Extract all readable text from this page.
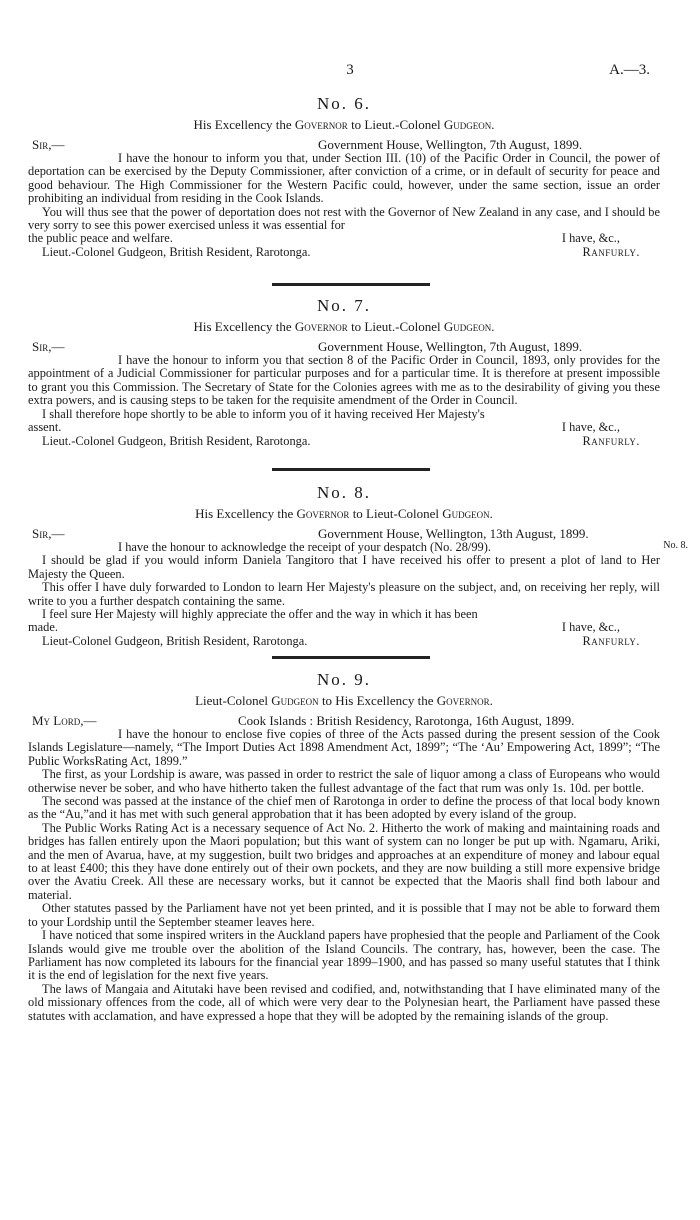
3	A.—3.
No. 6.
His Excellency the Governor to Lieut.-Colonel Gudgeon.
Sir,—	Government House, Wellington, 7th August, 1899.

I have the honour to inform you that, under Section III. (10) of the Pacific Order in Council, the power of deportation can be exercised by the Deputy Commissioner, after conviction of a crime, or in default of security for peace and good behaviour. The High Commissioner for the Western Pacific could, however, under the same section, issue an order prohibiting an individual from residing in the Cook Islands.

You will thus see that the power of deportation does not rest with the Governor of New Zealand in any case, and I should be very sorry to see this power exercised unless it was essential for

the public peace and welfare.	I have, &c.,
Lieut.-Colonel Gudgeon, British Resident, Rarotonga.	Ranfurly.
No. 7.
His Excellency the Governor to Lieut.-Colonel Gudgeon.
Sir,—	Government House, Wellington, 7th August, 1899.

I have the honour to inform you that section 8 of the Pacific Order in Council, 1893, only provides for the appointment of a Judicial Commissioner for particular purposes and for a particular time. It is therefore at present impossible to grant you this Commission. The Secretary of State for the Colonies agrees with me as to the desirability of giving you these extra powers, and is causing steps to be taken for the requisite amendment of the Order in Council.

I shall therefore hope shortly to be able to inform you of it having received Her Majesty's

assent.	I have, &c.,
Lieut.-Colonel Gudgeon, British Resident, Rarotonga.	Ranfurly.
No. 8.
His Excellency the Governor to Lieut-Colonel Gudgeon.
Sir,—	Government House, Wellington, 13th August, 1899.

I have the honour to acknowledge the receipt of your despatch (No. 28/99).

I should be glad if you would inform Daniela Tangitoro that I have received his offer to present a plot of land to Her Majesty the Queen.

This offer I have duly forwarded to London to learn Her Majesty's pleasure on the subject, and, on receiving her reply, will write to you a further despatch containing the same.

I feel sure Her Majesty will highly appreciate the offer and the way in which it has been

made.	I have, &c.,
Lieut-Colonel Gudgeon, British Resident, Rarotonga.	Ranfurly.
No. 8.
No. 9.
Lieut-Colonel Gudgeon to His Excellency the Governor.
My Lord,—	Cook Islands : British Residency, Rarotonga, 16th August, 1899.

I have the honour to enclose five copies of three of the Acts passed during the present session of the Cook Islands Legislature—namely, “The Import Duties Act 1898 Amendment Act, 1899”; “The ‘Au’ Empowering Act, 1899”; “The Public WorksRating Act, 1899.”

The first, as your Lordship is aware, was passed in order to restrict the sale of liquor among a class of Europeans who would otherwise never be sober, and who have hitherto taken the fullest advantage of the fact that rum was only 1s. 10d. per bottle.

The second was passed at the instance of the chief men of Rarotonga in order to define the process of that local body known as the “Au,”and it has met with such general approbation that it has been adopted by every island of the group.

The Public Works Rating Act is a necessary sequence of Act No. 2. Hitherto the work of making and maintaining roads and bridges has fallen entirely upon the Maori population; but this want of system can no longer be put up with. Ngamaru, Ariki, and the men of Avarua, have, at my suggestion, built two bridges and approaches at an expenditure of money and labour equal to at least £400; this they have done entirely out of their own pockets, and they are now building a still more expensive bridge over the Avatiu Creek. All these are necessary works, but it cannot be expected that the Maoris shall find both labour and material.

Other statutes passed by the Parliament have not yet been printed, and it is possible that I may not be able to forward them to your Lordship until the September steamer leaves here.

I have noticed that some inspired writers in the Auckland papers have prophesied that the people and Parliament of the Cook Islands would give me trouble over the abolition of the Island Councils. The contrary, has, however, been the case. The Parliament has now completed its labours for the financial year 1899–1900, and has passed so many useful statutes that I think it is the end of legislation for the next five years.

The laws of Mangaia and Aitutaki have been revised and codified, and, notwithstanding that I have eliminated many of the old missionary offences from the code, all of which were very dear to the Polynesian heart, the Parliament have passed these statutes with acclamation, and have expressed a hope that they will be adopted by the remaining islands of the group.
